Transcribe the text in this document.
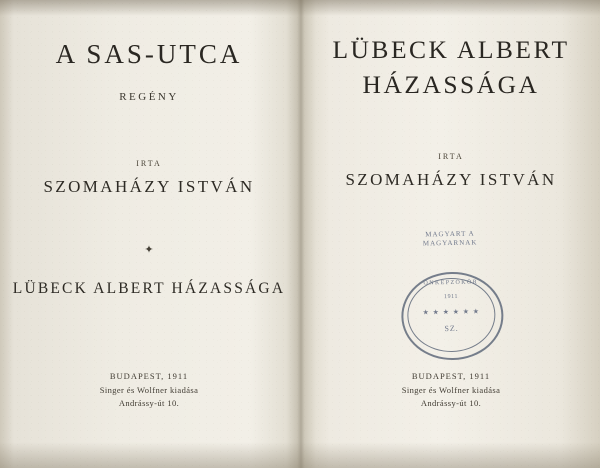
A SAS-UTCA
REGÉNY
IRTA
SZOMAHÁZY ISTVÁN
✦
LÜBECK ALBERT HÁZASSÁGA
BUDAPEST, 1911
Singer és Wolfner kiadása
Andrássy-út 10.
LÜBECK ALBERT
HÁZASSÁGA
IRTA
SZOMAHÁZY ISTVÁN
MAGYART A
MAGYARNAK
ÖNKÉPZŐKÖR
1911
★ ★ ★ ★ ★ ★
SZ.
BUDAPEST, 1911
Singer és Wolfner kiadása
Andrássy-út 10.
